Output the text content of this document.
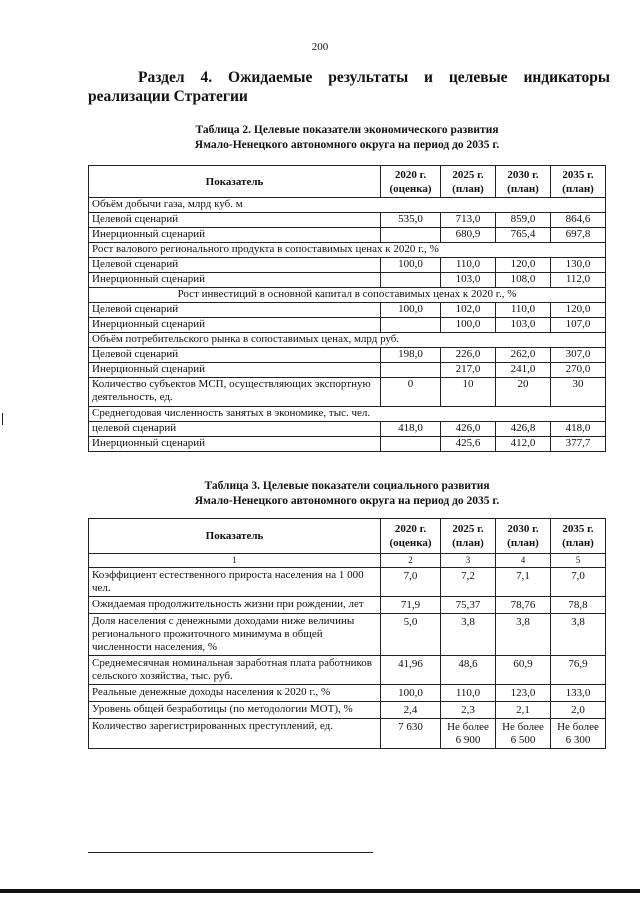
200
Раздел 4. Ожидаемые результаты и целевые индикаторы
реализации Стратегии
Таблица 2. Целевые показатели экономического развития
Ямало-Ненецкого автономного округа на период до 2035 г.
Показатель	2020 г. (оценка)	2025 г. (план)	2030 г. (план)	2035 г. (план)
Объём добычи газа, млрд куб. м				
Целевой сценарий	535,0	713,0	859,0	864,6
Инерционный сценарий		680,9	765,4	697,8
Рост валового регионального продукта в сопоставимых ценах к 2020 г., %				
Целевой сценарий	100,0	110,0	120,0	130,0
Инерционный сценарий		103,0	108,0	112,0
Рост инвестиций в основной капитал в сопоставимых ценах к 2020 г., %				
Целевой сценарий	100,0	102,0	110,0	120,0
Инерционный сценарий		100,0	103,0	107,0
Объём потребительского рынка в сопоставимых ценах, млрд руб.				
Целевой сценарий	198,0	226,0	262,0	307,0
Инерционный сценарий		217,0	241,0	270,0
Количество субъектов МСП, осуществляющих экспортную деятельность, ед.	0	10	20	30
Среднегодовая численность занятых в экономике, тыс. чел.				
целевой сценарий	418,0	426,0	426,8	418,0
Инерционный сценарий		425,6	412,0	377,7
Таблица 3. Целевые показатели социального развития
Ямало-Ненецкого автономного округа на период до 2035 г.
Показатель	2020 г. (оценка)	2025 г. (план)	2030 г. (план)	2035 г. (план)
1	2	3	4	5
Коэффициент естественного прироста населения на 1 000 чел.	7,0	7,2	7,1	7,0
Ожидаемая продолжительность жизни при рождении, лет	71,9	75,37	78,76	78,8
Доля населения с денежными доходами ниже величины регионального прожиточного минимума в общей численности населения, %	5,0	3,8	3,8	3,8
Среднемесячная номинальная заработная плата работников сельского хозяйства, тыс. руб.	41,96	48,6	60,9	76,9
Реальные денежные доходы населения к 2020 г., %	100,0	110,0	123,0	133,0
Уровень общей безработицы (по методологии МОТ), %	2,4	2,3	2,1	2,0
Количество зарегистрированных преступлений, ед.	7 630	Не более 6 900	Не более 6 500	Не более 6 300
